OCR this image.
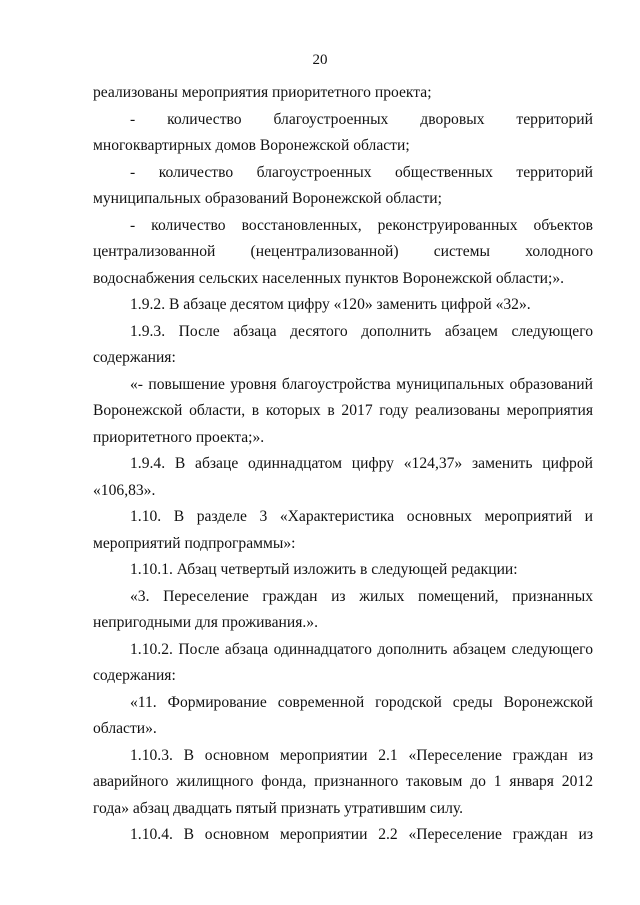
20

реализованы мероприятия приоритетного проекта;

- количество благоустроенных дворовых территорий многоквартирных домов Воронежской области;

- количество благоустроенных общественных территорий муниципальных образований Воронежской области;

- количество восстановленных, реконструированных объектов централизованной (нецентрализованной) системы холодного водоснабжения сельских населенных пунктов Воронежской области;».

1.9.2. В абзаце десятом цифру «120» заменить цифрой «32».

1.9.3. После абзаца десятого дополнить абзацем следующего содержания:

«- повышение уровня благоустройства муниципальных образований Воронежской области, в которых в 2017 году реализованы мероприятия приоритетного проекта;».

1.9.4. В абзаце одиннадцатом цифру «124,37» заменить цифрой «106,83».

1.10. В разделе 3 «Характеристика основных мероприятий и мероприятий подпрограммы»:

1.10.1. Абзац четвертый изложить в следующей редакции:

«3. Переселение граждан из жилых помещений, признанных непригодными для проживания.».

1.10.2. После абзаца одиннадцатого дополнить абзацем следующего содержания:

«11. Формирование современной городской среды Воронежской области».

1.10.3. В основном мероприятии 2.1 «Переселение граждан из аварийного жилищного фонда, признанного таковым до 1 января 2012 года» абзац двадцать пятый признать утратившим силу.

1.10.4. В основном мероприятии 2.2 «Переселение граждан из
